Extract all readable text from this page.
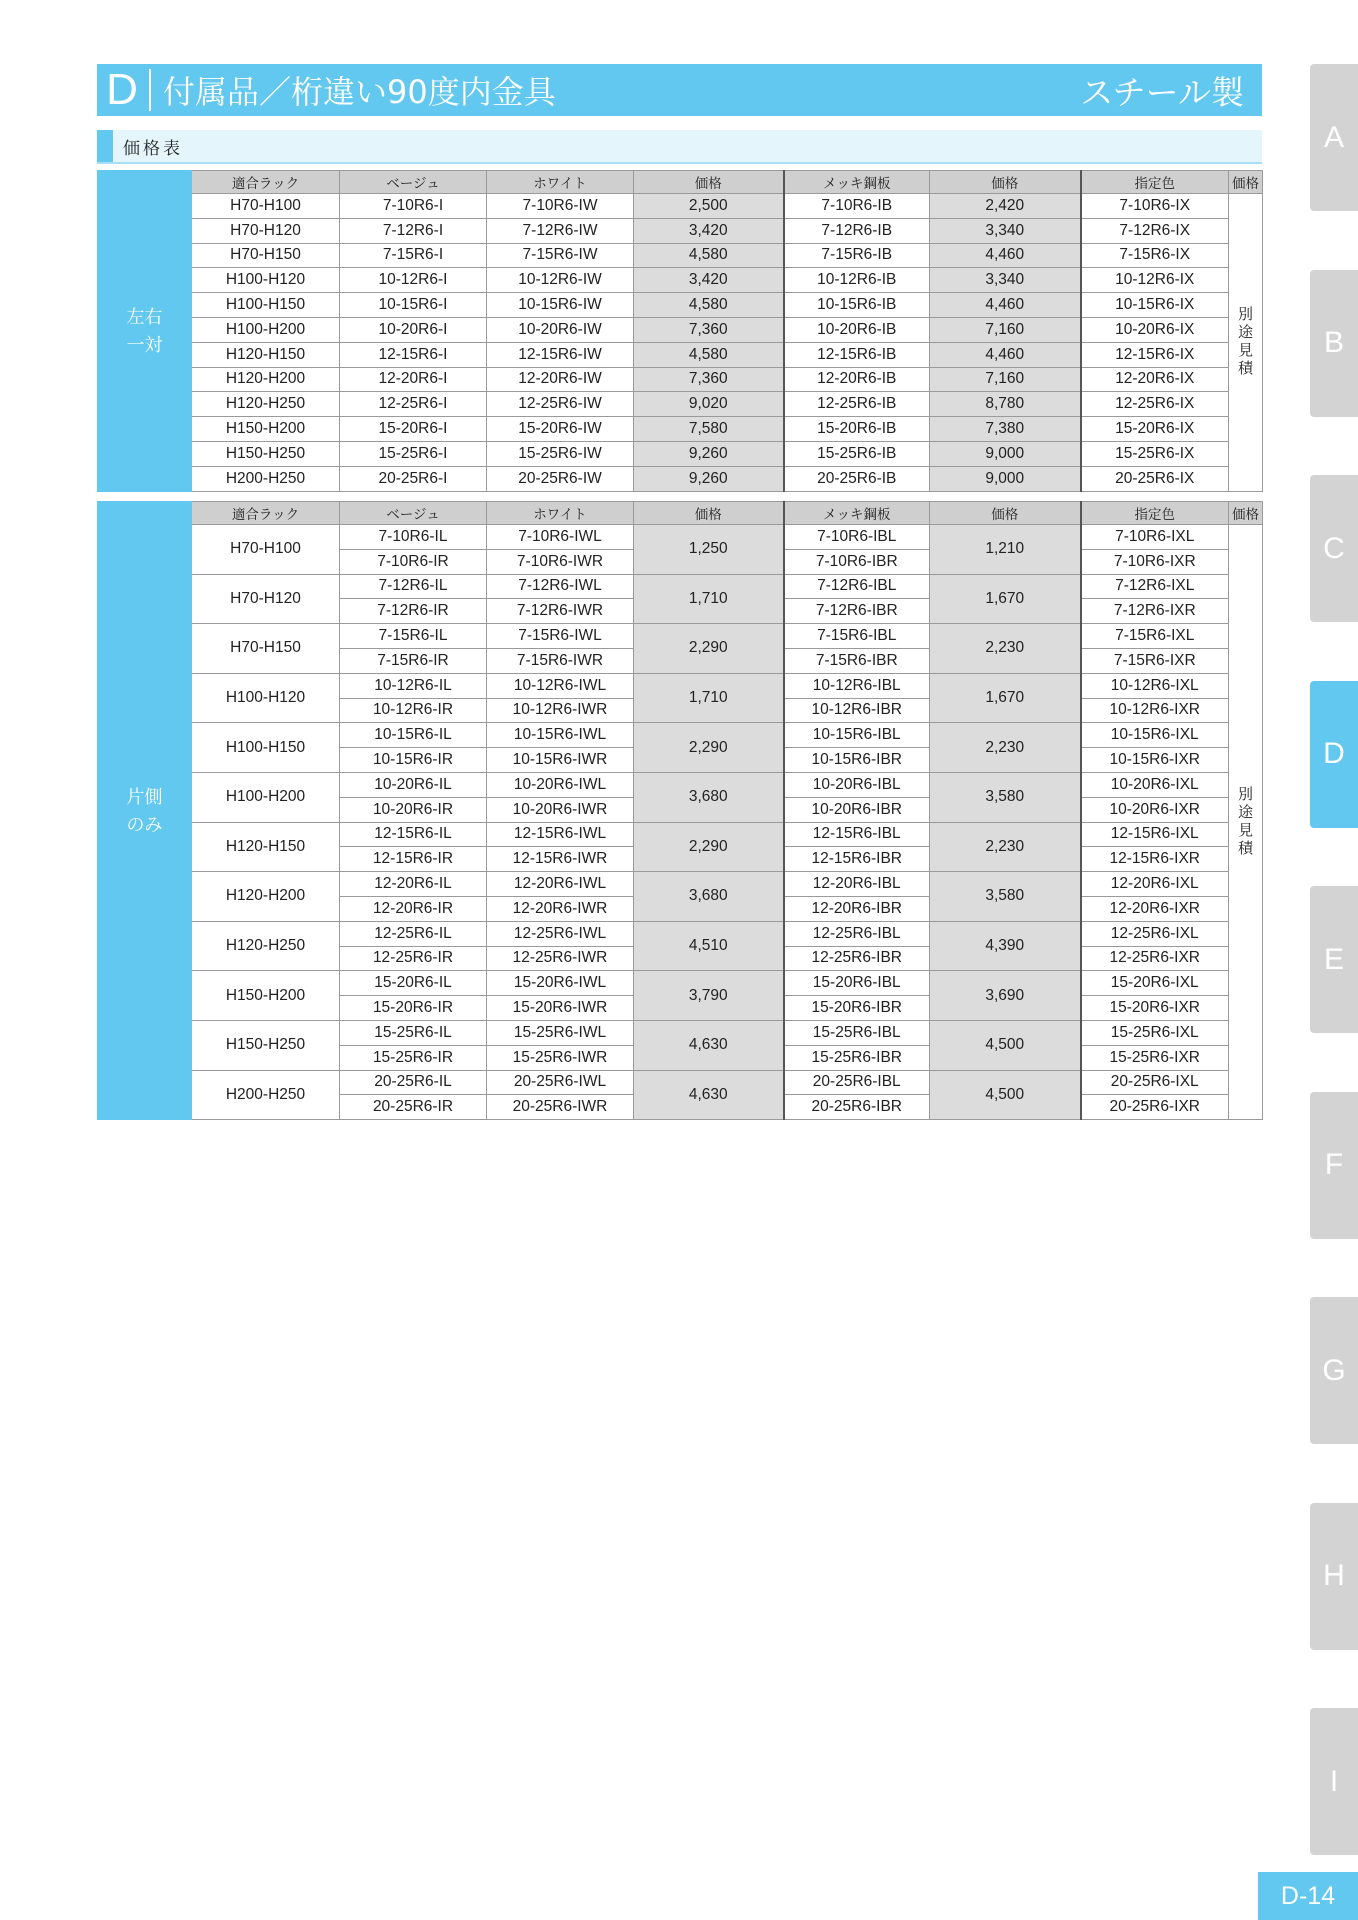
D 付属品／桁違い90度内金具	スチール製
価格表
左右
一対	適合ラック	ベージュ	ホワイト	価格	メッキ鋼板	価格	指定色	価格
	H70-H100	7-10R6-I	7-10R6-IW	2,500	7-10R6-IB	2,420	7-10R6-IX	別途見積
	H70-H120	7-12R6-I	7-12R6-IW	3,420	7-12R6-IB	3,340	7-12R6-IX	
	H70-H150	7-15R6-I	7-15R6-IW	4,580	7-15R6-IB	4,460	7-15R6-IX	
	H100-H120	10-12R6-I	10-12R6-IW	3,420	10-12R6-IB	3,340	10-12R6-IX	
	H100-H150	10-15R6-I	10-15R6-IW	4,580	10-15R6-IB	4,460	10-15R6-IX	
	H100-H200	10-20R6-I	10-20R6-IW	7,360	10-20R6-IB	7,160	10-20R6-IX	
	H120-H150	12-15R6-I	12-15R6-IW	4,580	12-15R6-IB	4,460	12-15R6-IX	
	H120-H200	12-20R6-I	12-20R6-IW	7,360	12-20R6-IB	7,160	12-20R6-IX	
	H120-H250	12-25R6-I	12-25R6-IW	9,020	12-25R6-IB	8,780	12-25R6-IX	
	H150-H200	15-20R6-I	15-20R6-IW	7,580	15-20R6-IB	7,380	15-20R6-IX	
	H150-H250	15-25R6-I	15-25R6-IW	9,260	15-25R6-IB	9,000	15-25R6-IX	
	H200-H250	20-25R6-I	20-25R6-IW	9,260	20-25R6-IB	9,000	20-25R6-IX	
片側
のみ	適合ラック	ベージュ	ホワイト	価格	メッキ鋼板	価格	指定色	価格
	H70-H100	7-10R6-IL	7-10R6-IWL	1,250	7-10R6-IBL	1,210	7-10R6-IXL	別途見積
		7-10R6-IR	7-10R6-IWR		7-10R6-IBR		7-10R6-IXR	
	H70-H120	7-12R6-IL	7-12R6-IWL	1,710	7-12R6-IBL	1,670	7-12R6-IXL	
		7-12R6-IR	7-12R6-IWR		7-12R6-IBR		7-12R6-IXR	
	H70-H150	7-15R6-IL	7-15R6-IWL	2,290	7-15R6-IBL	2,230	7-15R6-IXL	
		7-15R6-IR	7-15R6-IWR		7-15R6-IBR		7-15R6-IXR	
	H100-H120	10-12R6-IL	10-12R6-IWL	1,710	10-12R6-IBL	1,670	10-12R6-IXL	
		10-12R6-IR	10-12R6-IWR		10-12R6-IBR		10-12R6-IXR	
	H100-H150	10-15R6-IL	10-15R6-IWL	2,290	10-15R6-IBL	2,230	10-15R6-IXL	
		10-15R6-IR	10-15R6-IWR		10-15R6-IBR		10-15R6-IXR	
	H100-H200	10-20R6-IL	10-20R6-IWL	3,680	10-20R6-IBL	3,580	10-20R6-IXL	
		10-20R6-IR	10-20R6-IWR		10-20R6-IBR		10-20R6-IXR	
	H120-H150	12-15R6-IL	12-15R6-IWL	2,290	12-15R6-IBL	2,230	12-15R6-IXL	
		12-15R6-IR	12-15R6-IWR		12-15R6-IBR		12-15R6-IXR	
	H120-H200	12-20R6-IL	12-20R6-IWL	3,680	12-20R6-IBL	3,580	12-20R6-IXL	
		12-20R6-IR	12-20R6-IWR		12-20R6-IBR		12-20R6-IXR	
	H120-H250	12-25R6-IL	12-25R6-IWL	4,510	12-25R6-IBL	4,390	12-25R6-IXL	
		12-25R6-IR	12-25R6-IWR		12-25R6-IBR		12-25R6-IXR	
	H150-H200	15-20R6-IL	15-20R6-IWL	3,790	15-20R6-IBL	3,690	15-20R6-IXL	
		15-20R6-IR	15-20R6-IWR		15-20R6-IBR		15-20R6-IXR	
	H150-H250	15-25R6-IL	15-25R6-IWL	4,630	15-25R6-IBL	4,500	15-25R6-IXL	
		15-25R6-IR	15-25R6-IWR		15-25R6-IBR		15-25R6-IXR	
	H200-H250	20-25R6-IL	20-25R6-IWL	4,630	20-25R6-IBL	4,500	20-25R6-IXL	
		20-25R6-IR	20-25R6-IWR		20-25R6-IBR		20-25R6-IXR	
A
B
C
D
E
F
G
H
I
D-14
